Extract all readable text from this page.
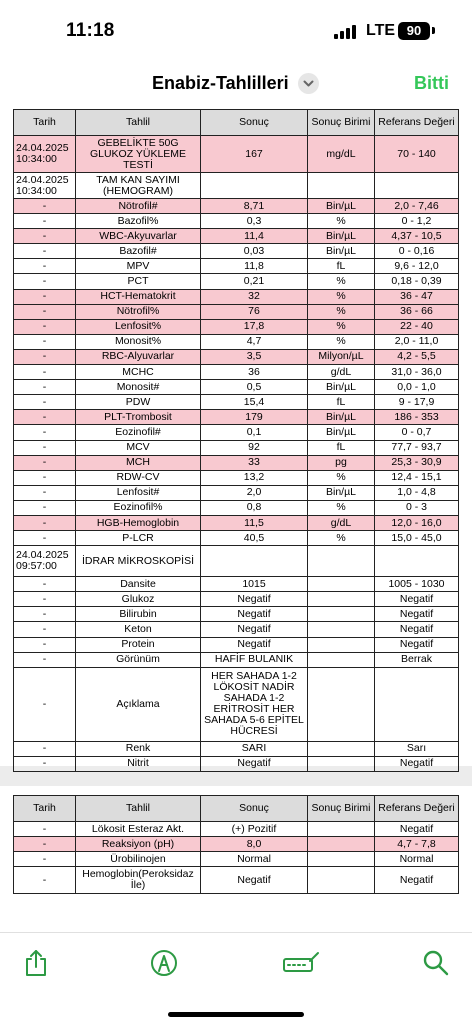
11:18	LTE 90
Enabiz-Tahlilleri	Bitti
Tarih	Tahlil	Sonuç	Sonuç Birimi	Referans Değeri
24.04.2025 10:34:00	GEBELİKTE 50G GLUKOZ YÜKLEME TESTİ	167	mg/dL	70 - 140
24.04.2025 10:34:00	TAM KAN SAYIMI (HEMOGRAM)			
-	Nötrofil#	8,71	Bin/µL	2,0 - 7,46
-	Bazofil%	0,3	%	0 - 1,2
-	WBC-Akyuvarlar	11,4	Bin/µL	4,37 - 10,5
-	Bazofil#	0,03	Bin/µL	0 - 0,16
-	MPV	11,8	fL	9,6 - 12,0
-	PCT	0,21	%	0,18 - 0,39
-	HCT-Hematokrit	32	%	36 - 47
-	Nötrofil%	76	%	36 - 66
-	Lenfosit%	17,8	%	22 - 40
-	Monosit%	4,7	%	2,0 - 11,0
-	RBC-Alyuvarlar	3,5	Milyon/µL	4,2 - 5,5
-	MCHC	36	g/dL	31,0 - 36,0
-	Monosit#	0,5	Bin/µL	0,0 - 1,0
-	PDW	15,4	fL	9 - 17,9
-	PLT-Trombosit	179	Bin/µL	186 - 353
-	Eozinofil#	0,1	Bin/µL	0 - 0,7
-	MCV	92	fL	77,7 - 93,7
-	MCH	33	pg	25,3 - 30,9
-	RDW-CV	13,2	%	12,4 - 15,1
-	Lenfosit#	2,0	Bin/µL	1,0 - 4,8
-	Eozinofil%	0,8	%	0 - 3
-	HGB-Hemoglobin	11,5	g/dL	12,0 - 16,0
-	P-LCR	40,5	%	15,0 - 45,0
24.04.2025 09:57:00	İDRAR MİKROSKOPİSİ			
-	Dansite	1015		1005 - 1030
-	Glukoz	Negatif		Negatif
-	Bilirubin	Negatif		Negatif
-	Keton	Negatif		Negatif
-	Protein	Negatif		Negatif
-	Görünüm	HAFİF BULANIK		Berrak
-	Açıklama	HER SAHADA 1-2 LÖKOSİT NADİR SAHADA 1-2 ERİTROSİT HER SAHADA 5-6 EPİTEL HÜCRESİ		
-	Renk	SARI		Sarı
-	Nitrit	Negatif		Negatif
Tarih	Tahlil	Sonuç	Sonuç Birimi	Referans Değeri
-	Lökosit Esteraz Akt.	(+) Pozitif		Negatif
-	Reaksiyon (pH)	8,0		4,7 - 7,8
-	Ürobilinojen	Normal		Normal
-	Hemoglobin(Peroksidaz İle)	Negatif		Negatif
